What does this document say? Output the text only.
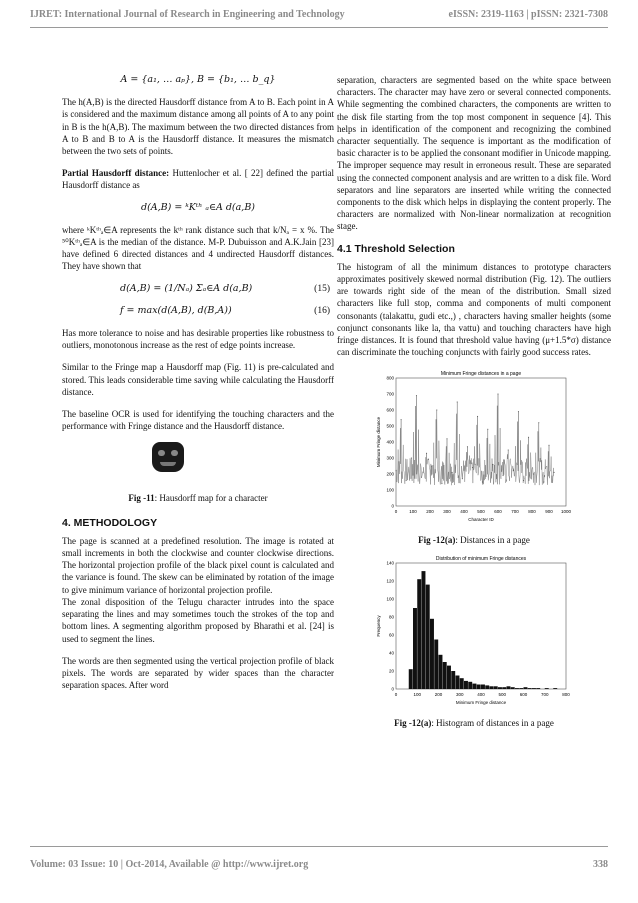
IJRET: International Journal of Research in Engineering and Technology	eISSN: 2319-1163 | pISSN: 2321-7308
A = {a₁, … aₚ}, B = {b₁, … b_q}

The h(A,B) is the directed Hausdorff distance from A to B. Each point in A is considered and the maximum distance among all points of A to any point in B is the h(A,B). The maximum between the two directed distances from A to B and B to A is the Hausdorff distance. It measures the mismatch between the two sets of points.

Partial Hausdorff distance: Huttenlocher et al. [ 22] defined the partial Hausdorff distance as

d(A,B) = ᵏKᵗʰ ₐ∈A d(a,B)

where ᵏKᵗʰₐ∈A represents the kᵗʰ rank distance such that k/Nₐ = x %. The ⁵⁰Kᵗʰₐ∈A is the median of the distance. M-P. Dubuisson and A.K.Jain [23] have defined 6 directed distances and 4 undirected Hausdorff distances. They have shown that

d(A,B) = (1/Nₐ) Σₐ∈A d(a,B)	(15)
f = max(d(A,B), d(B,A))	(16)

Has more tolerance to noise and has desirable properties like robustness to outliers, monotonous increase as the rest of edge points increase.

Similar to the Fringe map a Hausdorff map (Fig. 11) is pre-calculated and stored. This leads considerable time saving while calculating the Hausdorff distance.

The baseline OCR is used for identifying the touching characters and the performance with Fringe distance and the Hausdorff distance.

Fig -11: Hausdorff map for a character

4. METHODOLOGY

The page is scanned at a predefined resolution. The image is rotated at small increments in both the clockwise and counter clockwise directions. The horizontal projection profile of the black pixel count is calculated and the variance is found. The skew can be eliminated by rotation of the image to give minimum variance of horizontal projection profile.

The zonal disposition of the Telugu character intrudes into the space separating the lines and may sometimes touch the strokes of the top and bottom lines. A segmenting algorithm proposed by Bharathi et al. [24] is used to segment the lines.

The words are then segmented using the vertical projection profile of black pixels. The words are separated by wider spaces than the character separation spaces. After word

separation, characters are segmented based on the white space between characters. The character may have zero or several connected components. While segmenting the combined characters, the components are written to the disk file starting from the top most component in sequence [4]. This helps in identification of the component and recognizing the combined character sequentially. The sequence is important as the modification of basic character is to be applied the consonant modifier in Unicode mapping. The improper sequence may result in erroneous result. These are separated using the connected component analysis and are written to a disk file. Word separators and line separators are inserted while writing the connected components to the disk which helps in displaying the content properly. The characters are normalized with Non-linear normalization at recognition stage.

4.1 Threshold Selection

The histogram of all the minimum distances to prototype characters approximates positively skewed normal distribution (Fig. 12). The outliers are towards right side of the mean of the distribution. Small sized characters like full stop, comma and components of multi component consonants (talakattu, gudi etc.,) , characters having smaller heights (some conjunct consonants like la, tha vattu) and touching characters have high fringe distances. It is found that threshold value having (μ+1.5*σ) distance can discriminate the touching conjuncts with fairly good success rates.

Minimum Fringe distances in a page
Character ID
Minimum Fringe distance
0	100 200 300 400 500 600 700 800 900 1000
0
100
200
300
400
500
600
700
800

Fig -12(a): Distances in a page

Distribution of minimum Fringe distances
Minimum Fringe distance
Frequency
0	100	200	300	400	500	600	700	800
0
20
40
60
80
100
120
140

Fig -12(a): Histogram of distances in a page

Volume: 03 Issue: 10 | Oct-2014, Available @ http://www.ijret.org	338
